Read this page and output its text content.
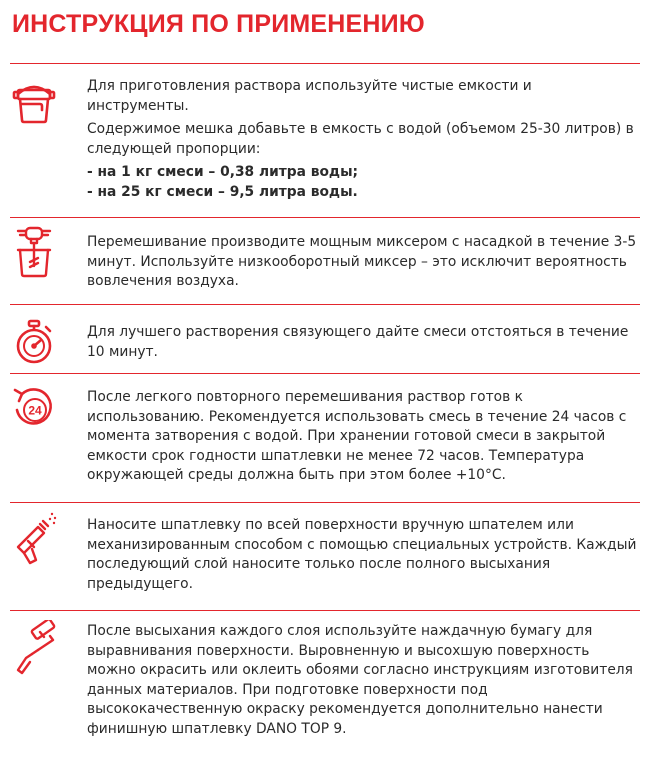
ИНСТРУКЦИЯ ПО ПРИМЕНЕНИЮ

Для приготовления раствора используйте чистые емкости и инструменты.

Содержимое мешка добавьте в емкость с водой (объемом 25-30 литров) в следующей пропорции:

- на 1 кг смеси – 0,38 литра воды;

- на 25 кг смеси – 9,5 литра воды.

Перемешивание производите мощным миксером с насадкой в течение 3-5 минут. Используйте низкооборотный миксер – это исключит вероятность вовлечения воздуха.

Для лучшего растворения связующего дайте смеси отстояться в течение 10 минут.

24

После легкого повторного перемешивания раствор готов к использованию. Рекомендуется использовать смесь в течение 24 часов с момента затворения с водой. При хранении готовой смеси в закрытой емкости срок годности шпатлевки не менее 72 часов. Температура окружающей среды должна быть при этом более +10°С.

Наносите шпатлевку по всей поверхности вручную шпателем или механизированным способом с помощью специальных устройств. Каждый последующий слой наносите только после полного высыхания предыдущего.

После высыхания каждого слоя используйте наждачную бумагу для выравнивания поверхности. Выровненную и высохшую поверхность можно окрасить или оклеить обоями согласно инструкциям изготовителя данных материалов. При подготовке поверхности под высококачественную окраску рекомендуется дополнительно нанести финишную шпатлевку DANO TOP 9.
